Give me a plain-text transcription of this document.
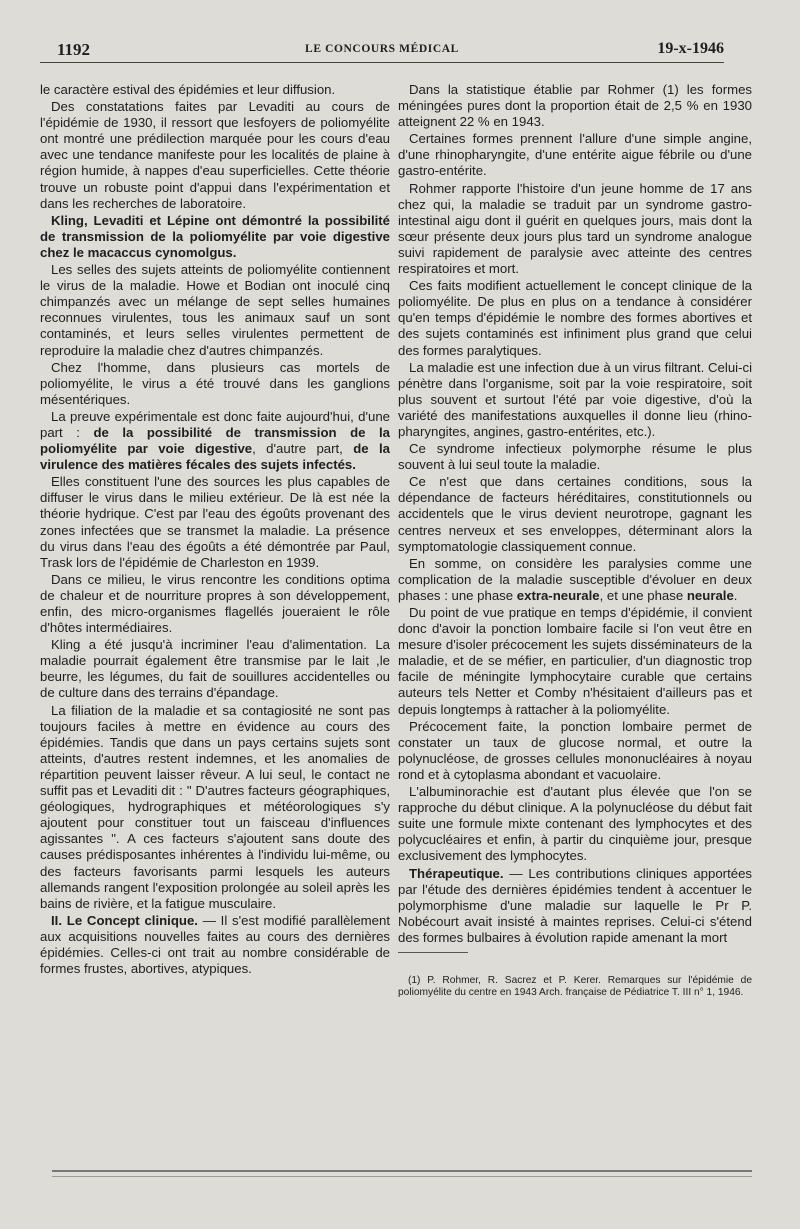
1192	LE CONCOURS MÉDICAL	19-x-1946

le caractère estival des épidémies et leur diffusion.

Des constatations faites par Levaditi au cours de l'épidémie de 1930, il ressort que lesfoyers de poliomyélite ont montré une prédilection marquée pour les cours d'eau avec une tendance manifeste pour les localités de plaine à région humide, à nappes d'eau superficielles. Cette théorie trouve un robuste point d'appui dans l'expérimentation et dans les recherches de laboratoire.

Kling, Levaditi et Lépine ont démontré la possibilité de transmission de la poliomyélite par voie digestive chez le macaccus cynomolgus.

Les selles des sujets atteints de poliomyélite contiennent le virus de la maladie. Howe et Bodian ont inoculé cinq chimpanzés avec un mélange de sept selles humaines reconnues virulentes, tous les animaux sauf un sont contaminés, et leurs selles virulentes permettent de reproduire la maladie chez d'autres chimpanzés.

Chez l'homme, dans plusieurs cas mortels de poliomyélite, le virus a été trouvé dans les ganglions mésentériques.

La preuve expérimentale est donc faite aujourd'hui, d'une part : de la possibilité de transmission de la poliomyélite par voie digestive, d'autre part, de la virulence des matières fécales des sujets infectés.

Elles constituent l'une des sources les plus capables de diffuser le virus dans le milieu extérieur. De là est née la théorie hydrique. C'est par l'eau des égoûts provenant des zones infectées que se transmet la maladie. La présence du virus dans l'eau des égoûts a été démontrée par Paul, Trask lors de l'épidémie de Charleston en 1939.

Dans ce milieu, le virus rencontre les conditions optima de chaleur et de nourriture propres à son développement, enfin, des micro-organismes flagellés joueraient le rôle d'hôtes intermédiaires.

Kling a été jusqu'à incriminer l'eau d'alimentation. La maladie pourrait également être transmise par le lait ,le beurre, les légumes, du fait de souillures accidentelles ou de culture dans des terrains d'épandage.

La filiation de la maladie et sa contagiosité ne sont pas toujours faciles à mettre en évidence au cours des épidémies. Tandis que dans un pays certains sujets sont atteints, d'autres restent indemnes, et les anomalies de répartition peuvent laisser rêveur. A lui seul, le contact ne suffit pas et Levaditi dit : " D'autres facteurs géographiques, géologiques, hydrographiques et météorologiques s'y ajoutent pour constituer tout un faisceau d'influences agissantes ". A ces facteurs s'ajoutent sans doute des causes prédisposantes inhérentes à l'individu lui-même, ou des facteurs favorisants parmi lesquels les auteurs allemands rangent l'exposition prolongée au soleil après les bains de rivière, et la fatigue musculaire.

II. Le Concept clinique. — Il s'est modifié parallèlement aux acquisitions nouvelles faites au cours des dernières épidémies. Celles-ci ont trait au nombre considérable de formes frustes, abortives, atypiques.

Dans la statistique établie par Rohmer (1) les formes méningées pures dont la proportion était de 2,5 % en 1930 atteignent 22 % en 1943.

Certaines formes prennent l'allure d'une simple angine, d'une rhinopharyngite, d'une entérite aigue fébrile ou d'une gastro-entérite.

Rohmer rapporte l'histoire d'un jeune homme de 17 ans chez qui, la maladie se traduit par un syndrome gastro-intestinal aigu dont il guérit en quelques jours, mais dont la sœur présente deux jours plus tard un syndrome analogue suivi rapidement de paralysie avec atteinte des centres respiratoires et mort.

Ces faits modifient actuellement le concept clinique de la poliomyélite. De plus en plus on a tendance à considérer qu'en temps d'épidémie le nombre des formes abortives et des sujets contaminés est infiniment plus grand que celui des formes paralytiques.

La maladie est une infection due à un virus filtrant. Celui-ci pénètre dans l'organisme, soit par la voie respiratoire, soit plus souvent et surtout l'été par voie digestive, d'où la variété des manifestations auxquelles il donne lieu (rhino-pharyngites, angines, gastro-entérites, etc.).

Ce syndrome infectieux polymorphe résume le plus souvent à lui seul toute la maladie.

Ce n'est que dans certaines conditions, sous la dépendance de facteurs héréditaires, constitutionnels ou accidentels que le virus devient neurotrope, gagnant les centres nerveux et ses enveloppes, déterminant alors la symptomatologie classiquement connue.

En somme, on considère les paralysies comme une complication de la maladie susceptible d'évoluer en deux phases : une phase extra-neurale, et une phase neurale.

Du point de vue pratique en temps d'épidémie, il convient donc d'avoir la ponction lombaire facile si l'on veut être en mesure d'isoler précocement les sujets disséminateurs de la maladie, et de se méfier, en particulier, d'un diagnostic trop facile de méningite lymphocytaire curable que certains auteurs tels Netter et Comby n'hésitaient d'ailleurs pas et depuis longtemps à rattacher à la poliomyélite.

Précocement faite, la ponction lombaire permet de constater un taux de glucose normal, et outre la polynucléose, de grosses cellules mononucléaires à noyau rond et à cytoplasma abondant et vacuolaire.

L'albuminorachie est d'autant plus élevée que l'on se rapproche du début clinique. A la polynucléose du début fait suite une formule mixte contenant des lymphocytes et des polycucléaires et enfin, à partir du cinquième jour, presque exclusivement des lymphocytes.

Thérapeutique. — Les contributions cliniques apportées par l'étude des dernières épidémies tendent à accentuer le polymorphisme d'une maladie sur laquelle le Pr P. Nobécourt avait insisté à maintes reprises. Celui-ci s'étend des formes bulbaires à évolution rapide amenant la mort

(1) P. Rohmer, R. Sacrez et P. Kerer. Remarques sur l'épidémie de poliomyélite du centre en 1943 Arch. française de Pédiatrice T. III n° 1, 1946.
